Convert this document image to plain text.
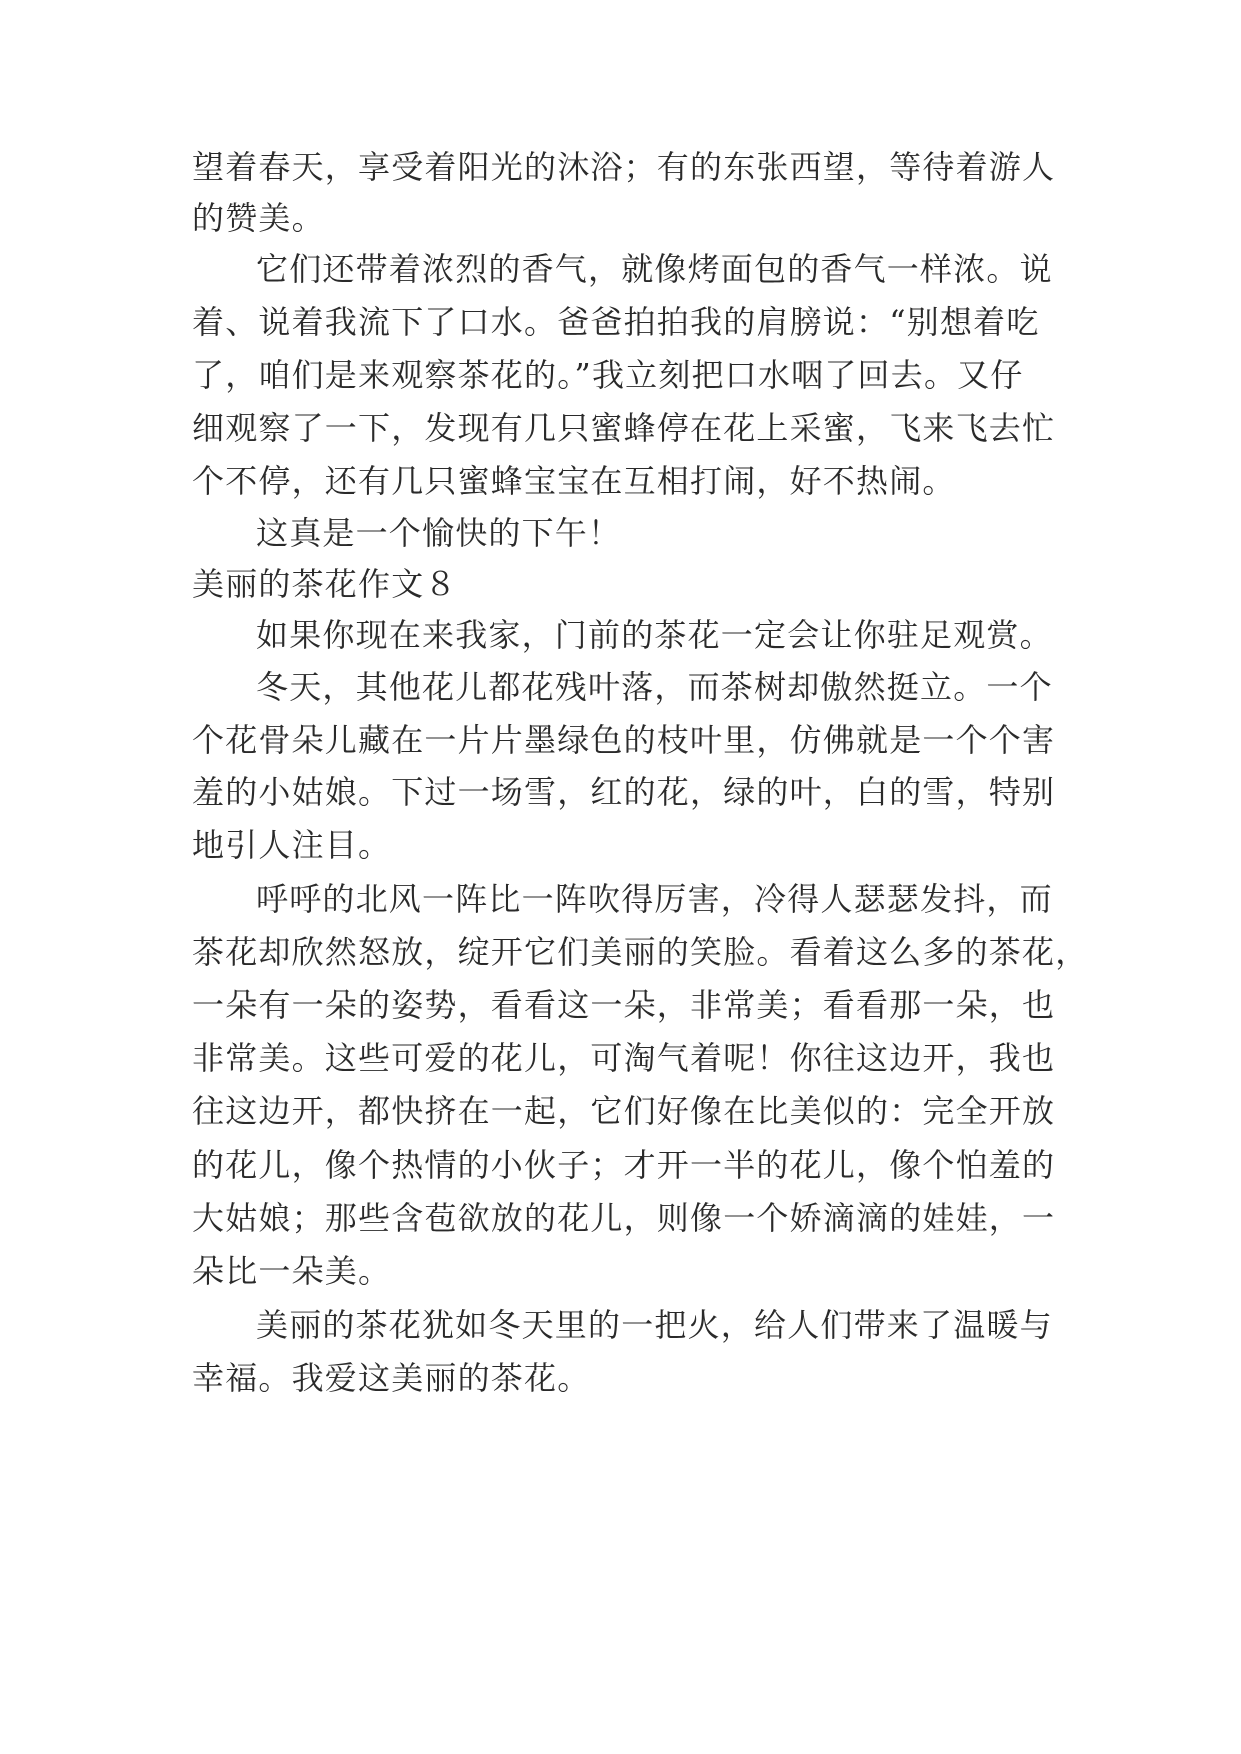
望着春天，享受着阳光的沐浴；有的东张西望，等待着游人

的赞美。

它们还带着浓烈的香气，就像烤面包的香气一样浓。说

着、说着我流下了口水。爸爸拍拍我的肩膀说：“别想着吃

了，咱们是来观察茶花的。”我立刻把口水咽了回去。又仔

细观察了一下，发现有几只蜜蜂停在花上采蜜，飞来飞去忙

个不停，还有几只蜜蜂宝宝在互相打闹，好不热闹。

这真是一个愉快的下午！

美丽的茶花作文８

如果你现在来我家，门前的茶花一定会让你驻足观赏。

冬天，其他花儿都花残叶落，而茶树却傲然挺立。一个

个花骨朵儿藏在一片片墨绿色的枝叶里，仿佛就是一个个害

羞的小姑娘。下过一场雪，红的花，绿的叶，白的雪，特别

地引人注目。

呼呼的北风一阵比一阵吹得厉害，冷得人瑟瑟发抖，而

茶花却欣然怒放，绽开它们美丽的笑脸。看着这么多的茶花，

一朵有一朵的姿势，看看这一朵，非常美；看看那一朵，也

非常美。这些可爱的花儿，可淘气着呢！你往这边开，我也

往这边开，都快挤在一起，它们好像在比美似的：完全开放

的花儿，像个热情的小伙子；才开一半的花儿，像个怕羞的

大姑娘；那些含苞欲放的花儿，则像一个娇滴滴的娃娃，一

朵比一朵美。

美丽的茶花犹如冬天里的一把火，给人们带来了温暖与

幸福。我爱这美丽的茶花。
